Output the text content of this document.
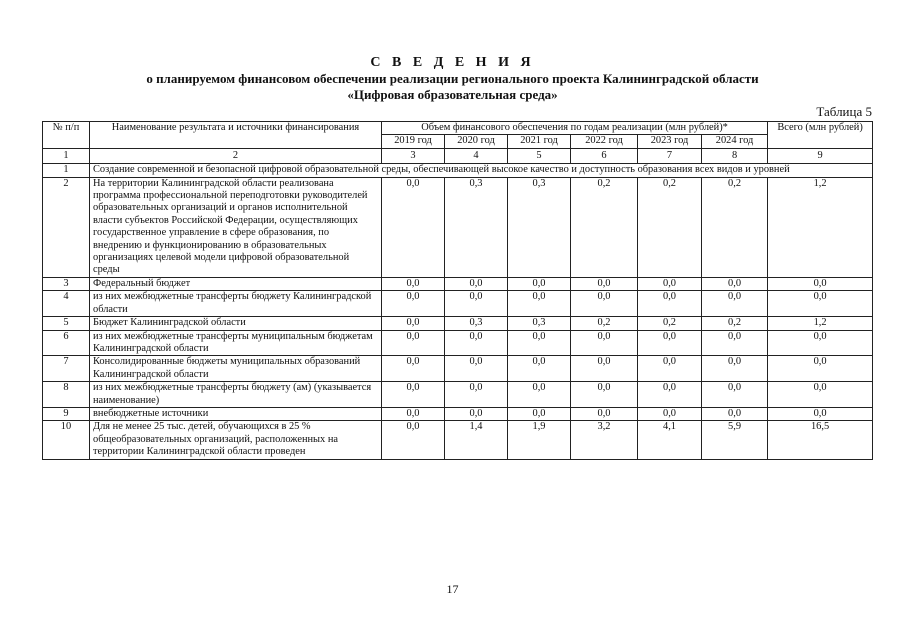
С В Е Д Е Н И Я
о планируемом финансовом обеспечении реализации регионального проекта Калининградской области
«Цифровая образовательная среда»
Таблица 5
№ п/п	Наименование результата и источники финансирования	Объем финансового обеспечения по годам реализации (млн рублей)*						Всего (млн рублей)
		2019 год	2020 год	2021 год	2022 год	2023 год	2024 год	
1	2	3	4	5	6	7	8	9
1	Создание современной и безопасной цифровой образовательной среды, обеспечивающей высокое качество и доступность образования всех видов и уровней							
2	На территории Калининградской области реализована программа профессиональной переподготовки руководителей образовательных организаций и органов исполнительной власти субъектов Российской Федерации, осуществляющих государственное управление в сфере образования, по внедрению и функционированию в образовательных организациях целевой модели цифровой образовательной среды	0,0	0,3	0,3	0,2	0,2	0,2	1,2
3	Федеральный бюджет	0,0	0,0	0,0	0,0	0,0	0,0	0,0
4	из них межбюджетные трансферты бюджету Калининградской области	0,0	0,0	0,0	0,0	0,0	0,0	0,0
5	Бюджет Калининградской области	0,0	0,3	0,3	0,2	0,2	0,2	1,2
6	из них межбюджетные трансферты муниципальным бюджетам Калининградской области	0,0	0,0	0,0	0,0	0,0	0,0	0,0
7	Консолидированные бюджеты муниципальных образований Калининградской области	0,0	0,0	0,0	0,0	0,0	0,0	0,0
8	из них межбюджетные трансферты бюджету (ам) (указывается наименование)	0,0	0,0	0,0	0,0	0,0	0,0	0,0
9	внебюджетные источники	0,0	0,0	0,0	0,0	0,0	0,0	0,0
10	Для не менее 25 тыс. детей, обучающихся в 25 % общеобразовательных организаций, расположенных на территории Калининградской области проведен	0,0	1,4	1,9	3,2	4,1	5,9	16,5
17
